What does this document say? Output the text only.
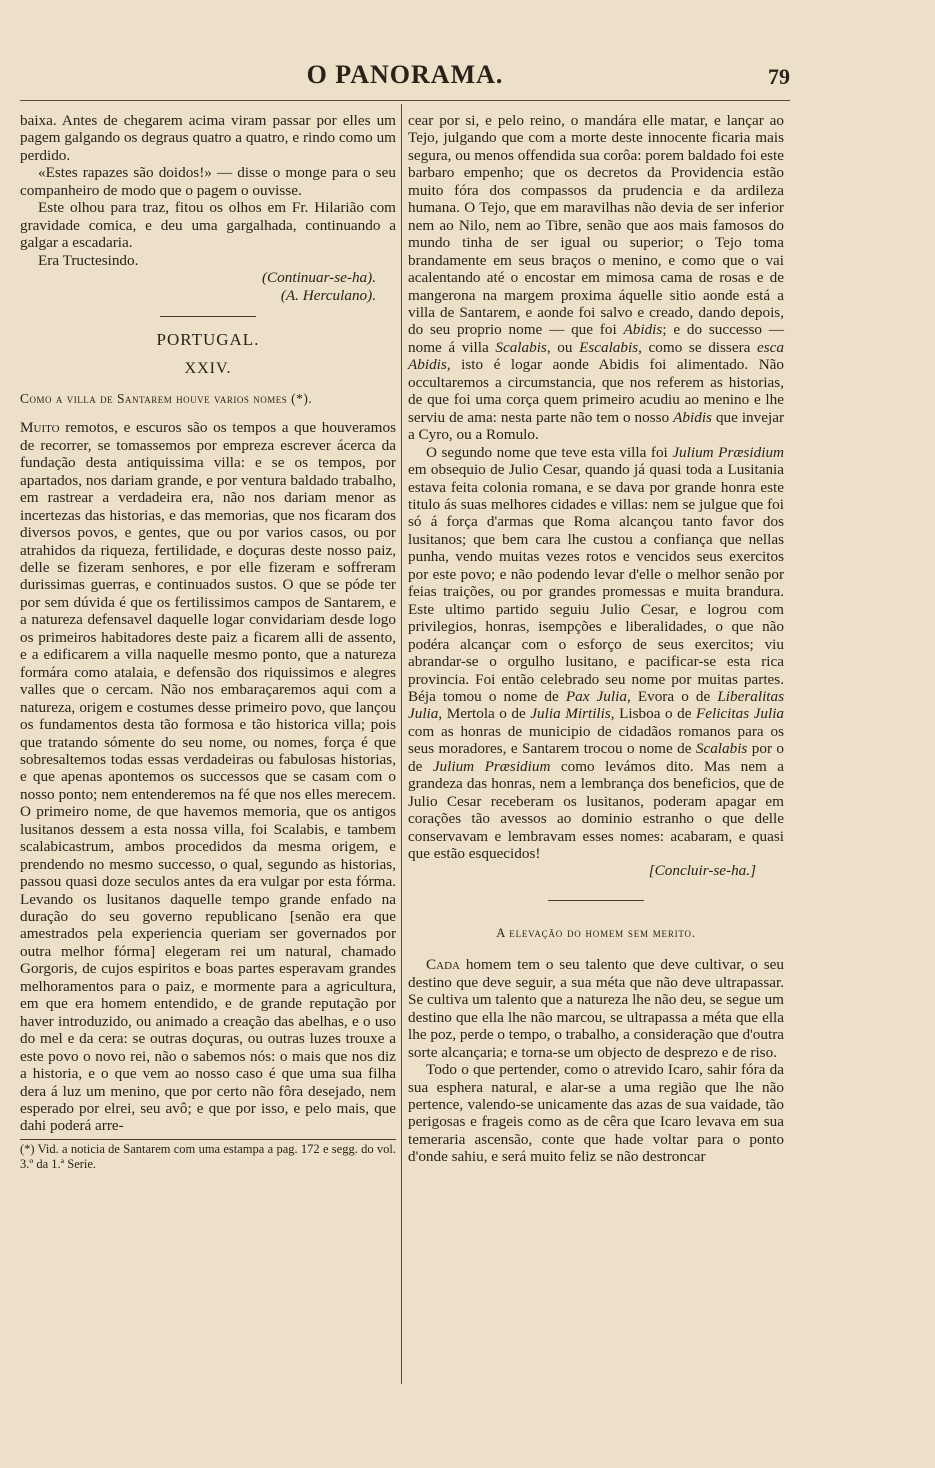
O PANORAMA.	79

baixa. Antes de chegarem acima viram passar por elles um pagem galgando os degraus quatro a quatro, e rindo como um perdido.

«Estes rapazes são doidos!» — disse o monge para o seu companheiro de modo que o pagem o ouvisse.

Este olhou para traz, fitou os olhos em Fr. Hilarião com gravidade comica, e deu uma gargalhada, continuando a galgar a escadaria.

Era Tructesindo.

(Continuar-se-ha).

(A. Herculano).

PORTUGAL.

XXIV.

Como a villa de Santarem houve varios nomes (*).

Muito remotos, e escuros são os tempos a que houveramos de recorrer, se tomassemos por empreza escrever ácerca da fundação desta antiquissima villa: e se os tempos, por apartados, nos dariam grande, e por ventura baldado trabalho, em rastrear a verdadeira era, não nos dariam menor as incertezas das historias, e das memorias, que nos ficaram dos diversos povos, e gentes, que ou por varios casos, ou por atrahidos da riqueza, fertilidade, e doçuras deste nosso paiz, delle se fizeram senhores, e por elle fizeram e soffreram durissimas guerras, e continuados sustos. O que se póde ter por sem dúvida é que os fertilissimos campos de Santarem, e a natureza defensavel daquelle logar convidariam desde logo os primeiros habitadores deste paiz a ficarem alli de assento, e a edificarem a villa naquelle mesmo ponto, que a natureza formára como atalaia, e defensão dos riquissimos e alegres valles que o cercam. Não nos embaraçaremos aqui com a natureza, origem e costumes desse primeiro povo, que lançou os fundamentos desta tão formosa e tão historica villa; pois que tratando sómente do seu nome, ou nomes, força é que sobresaltemos todas essas verdadeiras ou fabulosas historias, e que apenas apontemos os successos que se casam com o nosso ponto; nem entenderemos na fé que nos elles merecem. O primeiro nome, de que havemos memoria, que os antigos lusitanos dessem a esta nossa villa, foi Scalabis, e tambem scalabicastrum, ambos procedidos da mesma origem, e prendendo no mesmo successo, o qual, segundo as historias, passou quasi doze seculos antes da era vulgar por esta fórma. Levando os lusitanos daquelle tempo grande enfado na duração do seu governo republicano [senão era que amestrados pela experiencia queriam ser governados por outra melhor fórma] elegeram rei um natural, chamado Gorgoris, de cujos espiritos e boas partes esperavam grandes melhoramentos para o paiz, e mormente para a agricultura, em que era homem entendido, e de grande reputação por haver introduzido, ou animado a creação das abelhas, e o uso do mel e da cera: se outras doçuras, ou outras luzes trouxe a este povo o novo rei, não o sabemos nós: o mais que nos diz a historia, e o que vem ao nosso caso é que uma sua filha dera á luz um menino, que por certo não fôra desejado, nem esperado por elrei, seu avô; e que por isso, e pelo mais, que dahi poderá arre-

(*) Vid. a noticia de Santarem com uma estampa a pag. 172 e segg. do vol. 3.º da 1.ª Serie.

cear por si, e pelo reino, o mandára elle matar, e lançar ao Tejo, julgando que com a morte deste innocente ficaria mais segura, ou menos offendida sua corôa: porem baldado foi este barbaro empenho; que os decretos da Providencia estão muito fóra dos compassos da prudencia e da ardileza humana. O Tejo, que em maravilhas não devia de ser inferior nem ao Nilo, nem ao Tibre, senão que aos mais famosos do mundo tinha de ser igual ou superior; o Tejo toma brandamente em seus braços o menino, e como que o vai acalentando até o encostar em mimosa cama de rosas e de mangerona na margem proxima áquelle sitio aonde está a villa de Santarem, e aonde foi salvo e creado, dando depois, do seu proprio nome — que foi Abidis; e do successo — nome á villa Scalabis, ou Escalabis, como se dissera esca Abidis, isto é logar aonde Abidis foi alimentado. Não occultaremos a circumstancia, que nos referem as historias, de que foi uma corça quem primeiro acudiu ao menino e lhe serviu de ama: nesta parte não tem o nosso Abidis que invejar a Cyro, ou a Romulo.

O segundo nome que teve esta villa foi Julium Præsidium em obsequio de Julio Cesar, quando já quasi toda a Lusitania estava feita colonia romana, e se dava por grande honra este titulo ás suas melhores cidades e villas: nem se julgue que foi só á força d'armas que Roma alcançou tanto favor dos lusitanos; que bem cara lhe custou a confiança que nellas punha, vendo muitas vezes rotos e vencidos seus exercitos por este povo; e não podendo levar d'elle o melhor senão por feias traições, ou por grandes promessas e muita brandura. Este ultimo partido seguiu Julio Cesar, e logrou com privilegios, honras, isempções e liberalidades, o que não podéra alcançar com o esforço de seus exercitos; viu abrandar-se o orgulho lusitano, e pacificar-se esta rica provincia. Foi então celebrado seu nome por muitas partes. Béja tomou o nome de Pax Julia, Evora o de Liberalitas Julia, Mertola o de Julia Mirtilis, Lisboa o de Felicitas Julia com as honras de municipio de cidadãos romanos para os seus moradores, e Santarem trocou o nome de Scalabis por o de Julium Præsidium como levámos dito. Mas nem a grandeza das honras, nem a lembrança dos beneficios, que de Julio Cesar receberam os lusitanos, poderam apagar em corações tão avessos ao dominio estranho o que delle conservavam e lembravam esses nomes: acabaram, e quasi que estão esquecidos!

[Concluir-se-ha.]

A elevação do homem sem merito.

Cada homem tem o seu talento que deve cultivar, o seu destino que deve seguir, a sua méta que não deve ultrapassar. Se cultiva um talento que a natureza lhe não deu, se segue um destino que ella lhe não marcou, se ultrapassa a méta que ella lhe poz, perde o tempo, o trabalho, a consideração que d'outra sorte alcançaria; e torna-se um objecto de desprezo e de riso.

Todo o que pertender, como o atrevido Icaro, sahir fóra da sua esphera natural, e alar-se a uma região que lhe não pertence, valendo-se unicamente das azas de sua vaidade, tão perigosas e frageis como as de cêra que Icaro levava em sua temeraria ascensão, conte que hade voltar para o ponto d'onde sahiu, e será muito feliz se não destroncar
